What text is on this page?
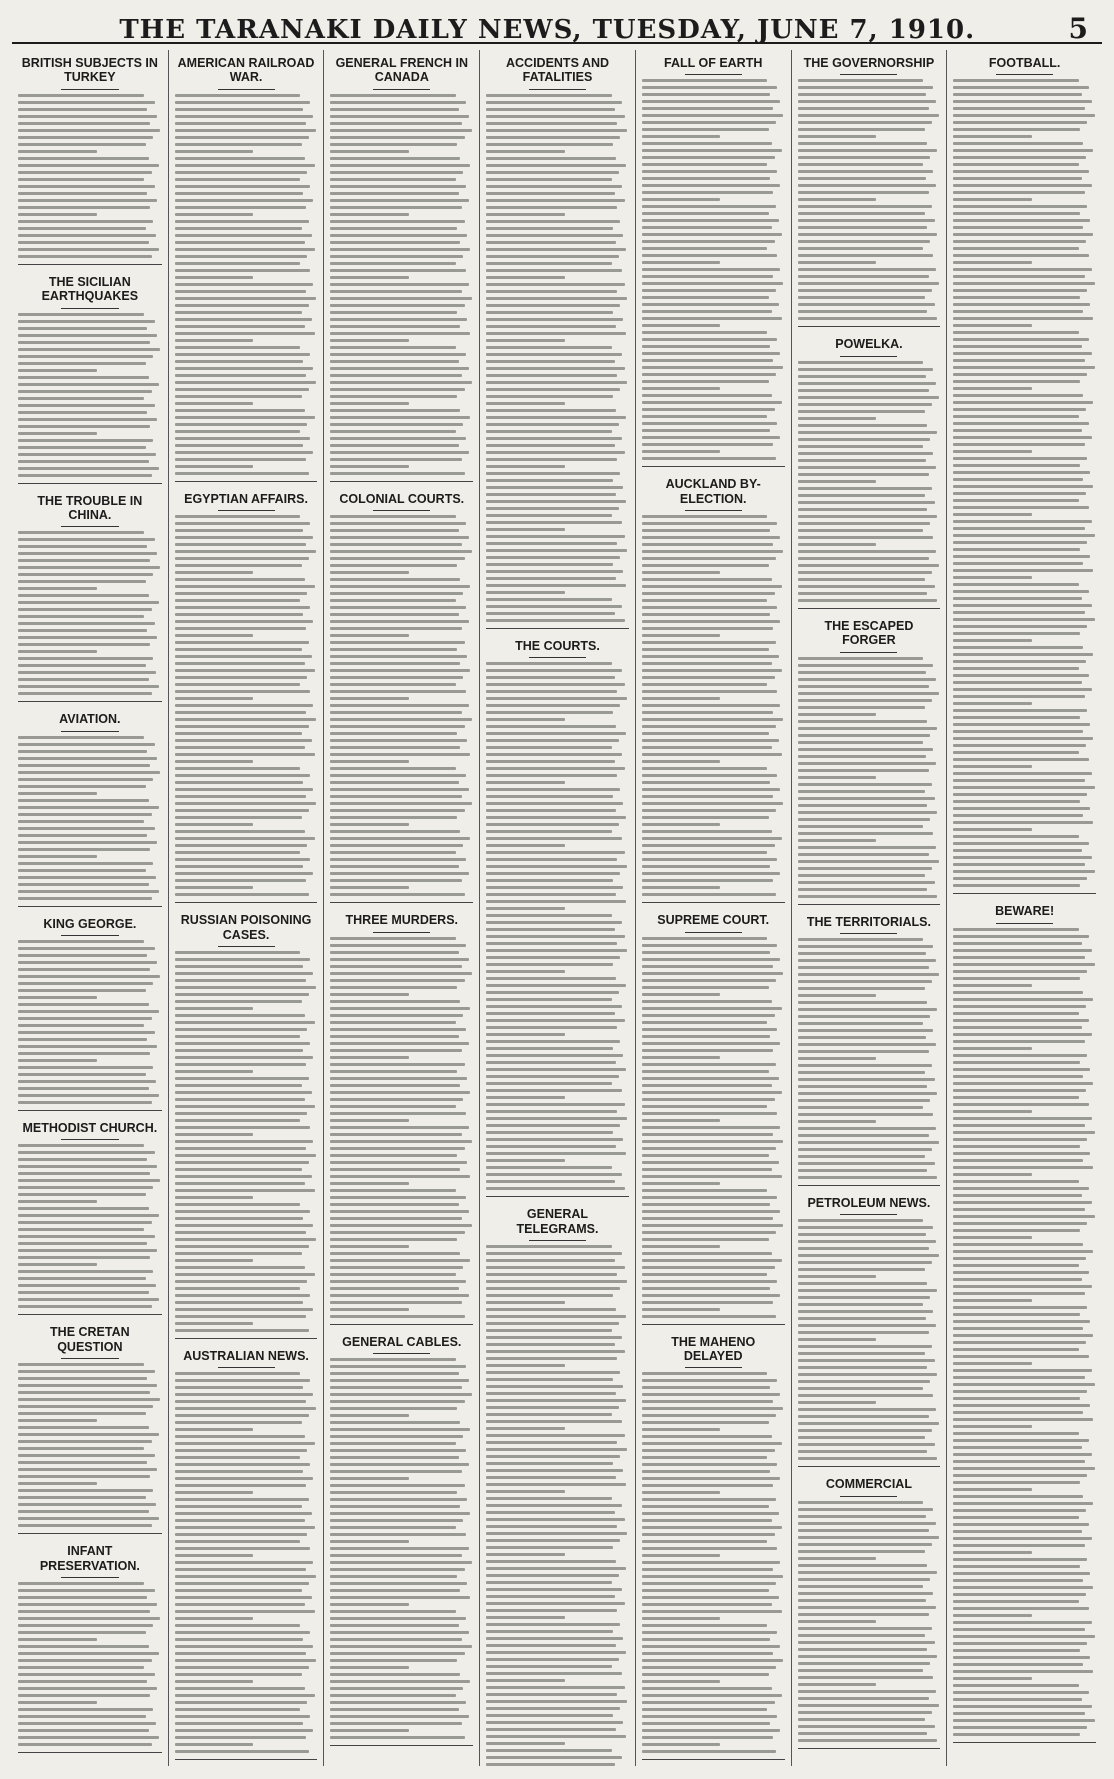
THE TARANAKI DAILY NEWS, TUESDAY, JUNE 7, 1910.	5
BRITISH SUBJECTS IN TURKEY
THE SICILIAN EARTHQUAKES
THE TROUBLE IN CHINA.
AVIATION.
KING GEORGE.
METHODIST CHURCH.
THE CRETAN QUESTION
INFANT PRESERVATION.
AMERICAN RAILROAD WAR.
EGYPTIAN AFFAIRS.
RUSSIAN POISONING CASES.
AUSTRALIAN NEWS.
GENERAL FRENCH IN CANADA
COLONIAL COURTS.
THREE MURDERS.
GENERAL CABLES.
ACCIDENTS AND FATALITIES
THE COURTS.
GENERAL TELEGRAMS.
FALL OF EARTH
AUCKLAND BY-ELECTION.
SUPREME COURT.
THE MAHENO DELAYED
THE GOVERNORSHIP
POWELKA.
THE ESCAPED FORGER
THE TERRITORIALS.
PETROLEUM NEWS.
COMMERCIAL
FOOTBALL.
BEWARE!
